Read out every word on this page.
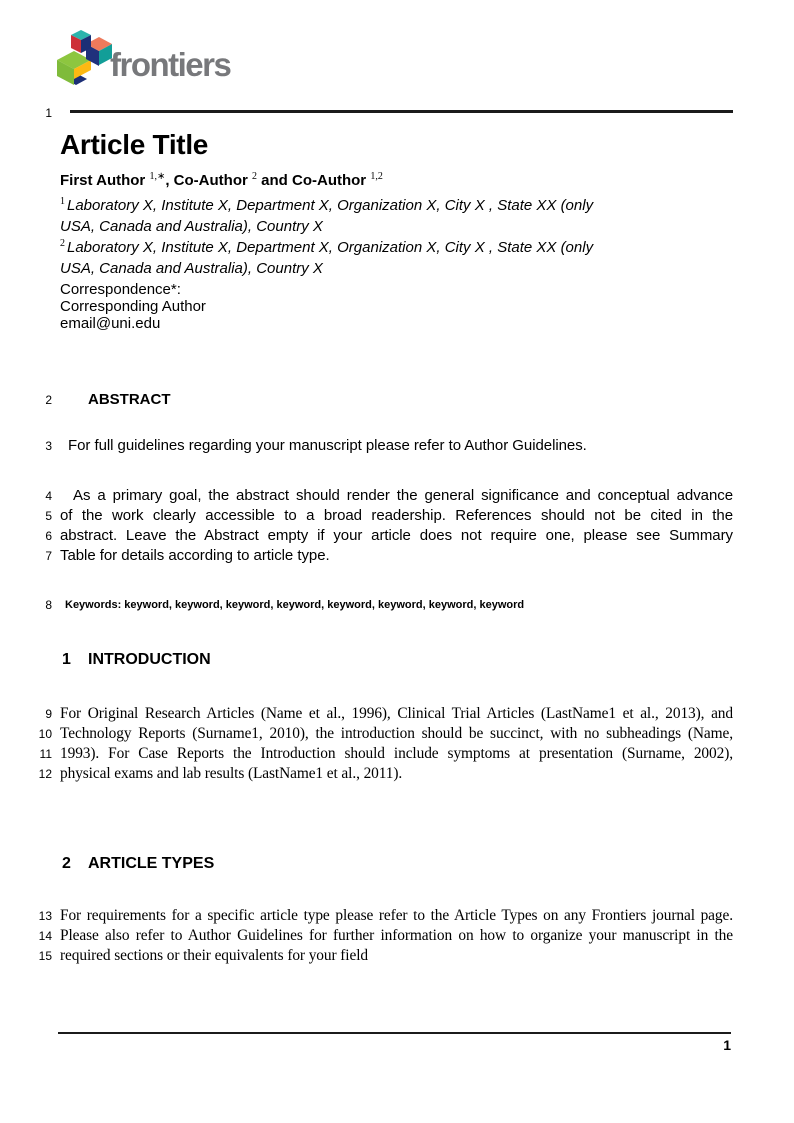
frontiers
1
Article Title
First Author $^{1,∗}$, Co-Author $^2$ and Co-Author $^{1,2}$
$^1$ Laboratory X, Institute X, Department X, Organization X, City X , State XX (only
USA, Canada and Australia), Country X
$^2$ Laboratory X, Institute X, Department X, Organization X, City X , State XX (only
USA, Canada and Australia), Country X
Correspondence*:
Corresponding Author
email@uni.edu
2	ABSTRACT
3	For full guidelines regarding your manuscript please refer to Author Guidelines.
4
5
6
7
As a primary goal, the abstract should render the general significance and conceptual advance
of the work clearly accessible to a broad readership. References should not be cited in the
abstract. Leave the Abstract empty if your article does not require one, please see Summary
Table for details according to article type.
8	Keywords: keyword, keyword, keyword, keyword, keyword, keyword, keyword, keyword
1	INTRODUCTION
9
10
11
12
For Original Research Articles (Name et al., 1996), Clinical Trial Articles (LastName1 et al., 2013), and
Technology Reports (Surname1, 2010), the introduction should be succinct, with no subheadings (Name,
1993). For Case Reports the Introduction should include symptoms at presentation (Surname, 2002),
physical exams and lab results (LastName1 et al., 2011).
2	ARTICLE TYPES
13
14
15
For requirements for a specific article type please refer to the Article Types on any Frontiers journal page.
Please also refer to Author Guidelines for further information on how to organize your manuscript in the
required sections or their equivalents for your field
1
